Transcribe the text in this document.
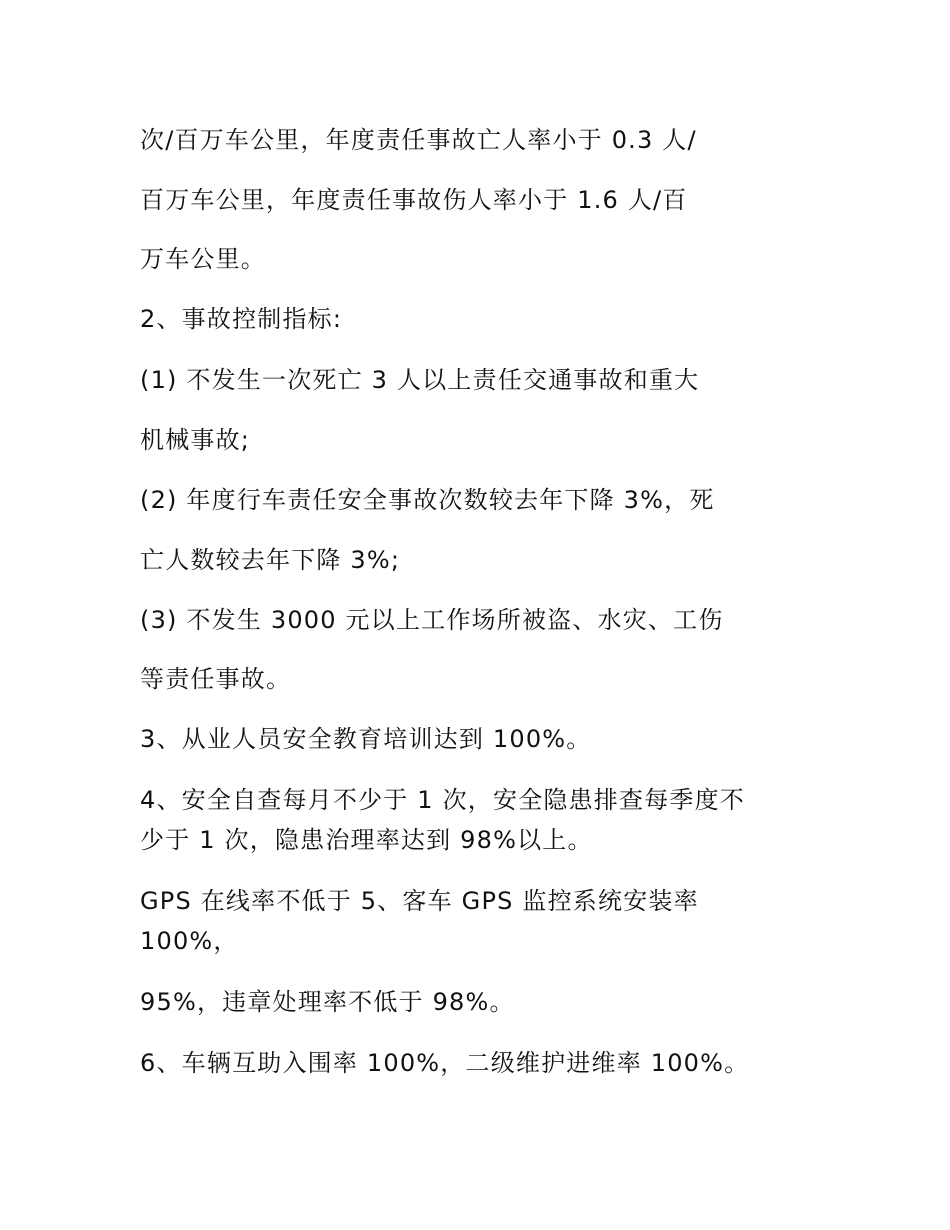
次/百万车公里，年度责任事故亡人率小于 0.3 人/
百万车公里，年度责任事故伤人率小于 1.6 人/百
万车公里。
2、事故控制指标:
(1) 不发生一次死亡 3 人以上责任交通事故和重大
机械事故;
(2) 年度行车责任安全事故次数较去年下降 3%，死
亡人数较去年下降 3%;
(3) 不发生 3000 元以上工作场所被盗、水灾、工伤
等责任事故。
3、从业人员安全教育培训达到 100%。
4、安全自查每月不少于 1 次，安全隐患排查每季度不
少于 1 次，隐患治理率达到 98%以上。
GPS 在线率不低于 5、客车 GPS 监控系统安装率
100%，
95%，违章处理率不低于 98%。
6、车辆互助入围率 100%，二级维护进维率 100%。
